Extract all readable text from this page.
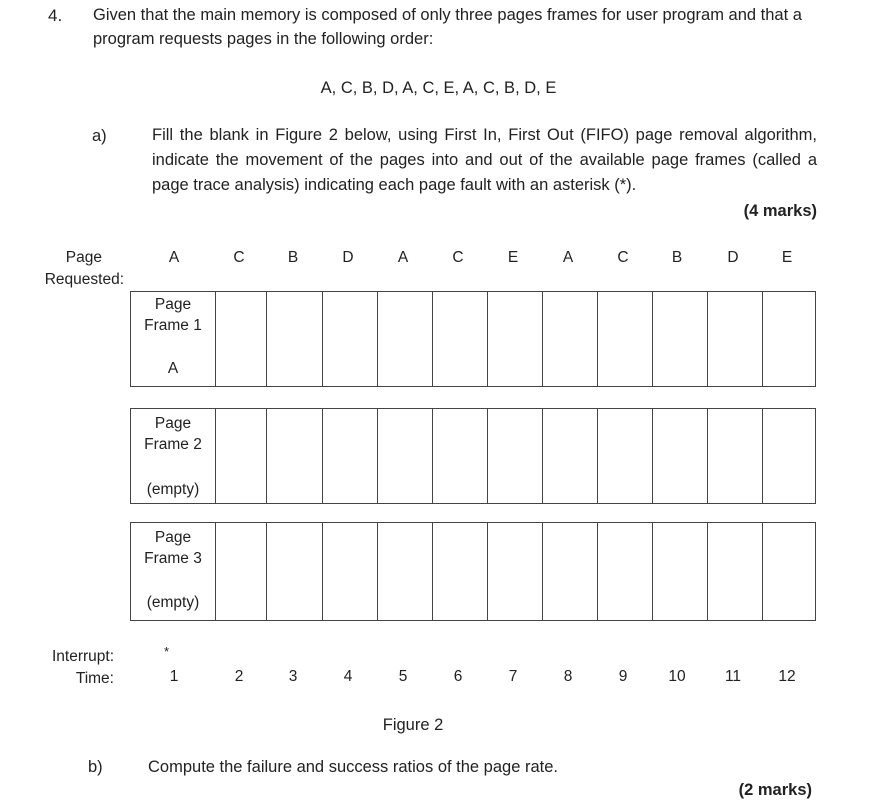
4. Given that the main memory is composed of only three pages frames for user program and that a program requests pages in the following order:
A, C, B, D, A, C, E, A, C, B, D, E
a)	Fill the blank in Figure 2 below, using First In, First Out (FIFO) page removal algorithm, indicate the movement of the pages into and out of the available page frames (called a page trace analysis) indicating each page fault with an asterisk (*).
(4 marks)
Page
Requested:
A	C	B	D	A	C	E	A	C	B	D	E
Page
Frame 1
A
Page
Frame 2
(empty)
Page
Frame 3
(empty)
Interrupt:	*
Time:	1	2	3	4	5	6	7	8	9	10	11	12
Figure 2
b)	Compute the failure and success ratios of the page rate.
(2 marks)
